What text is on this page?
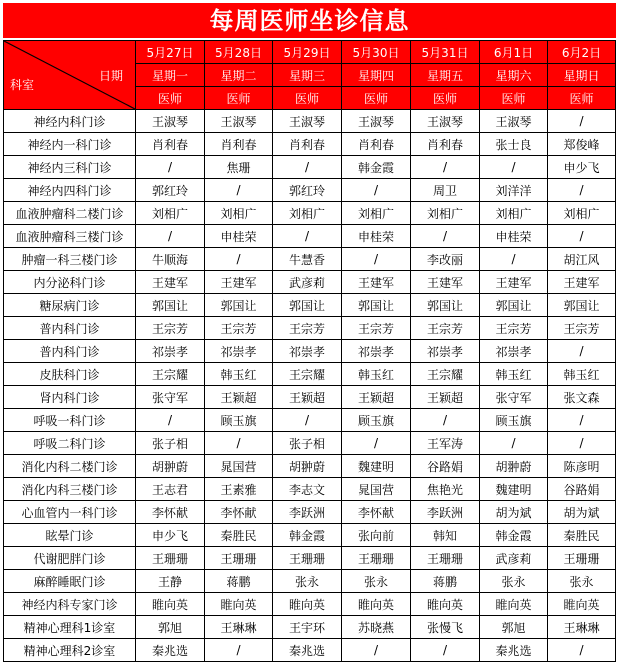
每周医师坐诊信息
科室
日期	5月27日	5月28日	5月29日	5月30日	5月31日	6月1日	6月2日
	星期一	星期二	星期三	星期四	星期五	星期六	星期日
	医师	医师	医师	医师	医师	医师	医师
神经内科门诊	王淑琴	王淑琴	王淑琴	王淑琴	王淑琴	王淑琴	/
神经内一科门诊	肖利春	肖利春	肖利春	肖利春	肖利春	张士良	郑俊峰
神经内三科门诊	/	焦珊	/	韩金霞	/	/	申少飞
神经内四科门诊	郭红玲	/	郭红玲	/	周卫	刘洋洋	/
血液肿瘤科二楼门诊	刘相广	刘相广	刘相广	刘相广	刘相广	刘相广	刘相广
血液肿瘤科三楼门诊	/	申桂荣	/	申桂荣	/	申桂荣	/
肿瘤一科三楼门诊	牛顺海	/	牛慧香	/	李改丽	/	胡江风
内分泌科门诊	王建军	王建军	武彦莉	王建军	王建军	王建军	王建军
糖尿病门诊	郭国让	郭国让	郭国让	郭国让	郭国让	郭国让	郭国让
普内科门诊	王宗芳	王宗芳	王宗芳	王宗芳	王宗芳	王宗芳	王宗芳
普内科门诊	祁崇孝	祁崇孝	祁崇孝	祁崇孝	祁崇孝	祁崇孝	/
皮肤科门诊	王宗耀	韩玉红	王宗耀	韩玉红	王宗耀	韩玉红	韩玉红
肾内科门诊	张守军	王颖超	王颖超	王颖超	王颖超	张守军	张文森
呼吸一科门诊	/	顾玉旗	/	顾玉旗	/	顾玉旗	/
呼吸二科门诊	张子相	/	张子相	/	王军涛	/	/
消化内科二楼门诊	胡翀蔚	晁国营	胡翀蔚	魏建明	谷路娟	胡翀蔚	陈彦明
消化内科三楼门诊	王志君	王素雅	李志文	晁国营	焦艳光	魏建明	谷路娟
心血管内一科门诊	李怀献	李怀献	李跃洲	李怀献	李跃洲	胡为斌	胡为斌
眩晕门诊	申少飞	秦胜民	韩金霞	张向前	韩知	韩金霞	秦胜民
代谢肥胖门诊	王珊珊	王珊珊	王珊珊	王珊珊	王珊珊	武彦莉	王珊珊
麻醉睡眠门诊	王静	蒋鹏	张永	张永	蒋鹏	张永	张永
神经内科专家门诊	睢向英	睢向英	睢向英	睢向英	睢向英	睢向英	睢向英
精神心理科1诊室	郭旭	王琳琳	王宇环	苏晓燕	张慢飞	郭旭	王琳琳
精神心理科2诊室	秦兆选	/	秦兆选	/	/	秦兆选	/
